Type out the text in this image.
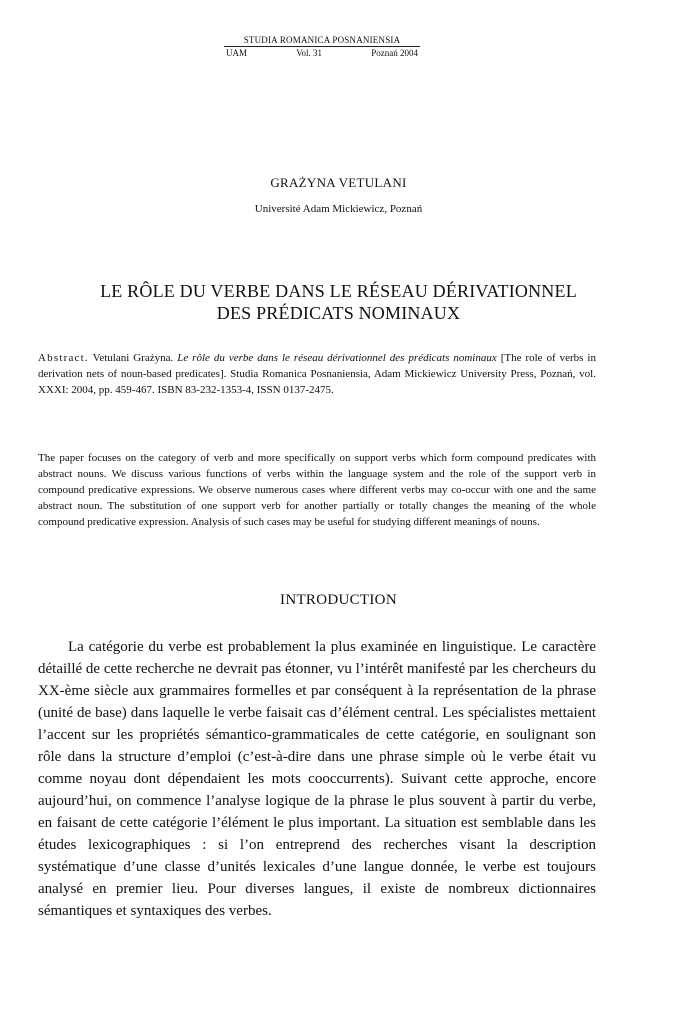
STUDIA ROMANICA POSNANIENSIA
UAM	Vol. 31	Poznań 2004
GRAŻYNA VETULANI
Université Adam Mickiewicz, Poznań
LE RÔLE DU VERBE DANS LE RÉSEAU DÉRIVATIONNEL
DES PRÉDICATS NOMINAUX
Abstract. Vetulani Grażyna. Le rôle du verbe dans le réseau dérivationnel des prédicats nominaux [The role of verbs in derivation nets of noun-based predicates]. Studia Romanica Posnaniensia, Adam Mickiewicz University Press, Poznań, vol. XXXI: 2004, pp. 459-467. ISBN 83-232-1353-4, ISSN 0137-2475.
The paper focuses on the category of verb and more specifically on support verbs which form compound predicates with abstract nouns. We discuss various functions of verbs within the language system and the role of the support verb in compound predicative expressions. We observe numerous cases where different verbs may co-occur with one and the same abstract noun. The substitution of one support verb for another partially or totally changes the meaning of the whole compound predicative expression. Analysis of such cases may be useful for studying different meanings of nouns.
INTRODUCTION
La catégorie du verbe est probablement la plus examinée en linguistique. Le caractère détaillé de cette recherche ne devrait pas étonner, vu l’intérêt manifesté par les chercheurs du XX-ème siècle aux grammaires formelles et par conséquent à la représentation de la phrase (unité de base) dans laquelle le verbe faisait cas d’élément central. Les spécialistes mettaient l’accent sur les propriétés sémantico-grammaticales de cette catégorie, en soulignant son rôle dans la structure d’emploi (c’est-à-dire dans une phrase simple où le verbe était vu comme noyau dont dépendaient les mots cooccurrents). Suivant cette approche, encore aujourd’hui, on commence l’analyse logique de la phrase le plus souvent à partir du verbe, en faisant de cette catégorie l’élément le plus important. La situation est semblable dans les études lexicographiques : si l’on entreprend des recherches visant la description systématique d’une classe d’unités lexicales d’une langue donnée, le verbe est toujours analysé en premier lieu. Pour diverses langues, il existe de nombreux dictionnaires sémantiques et syntaxiques des verbes.
